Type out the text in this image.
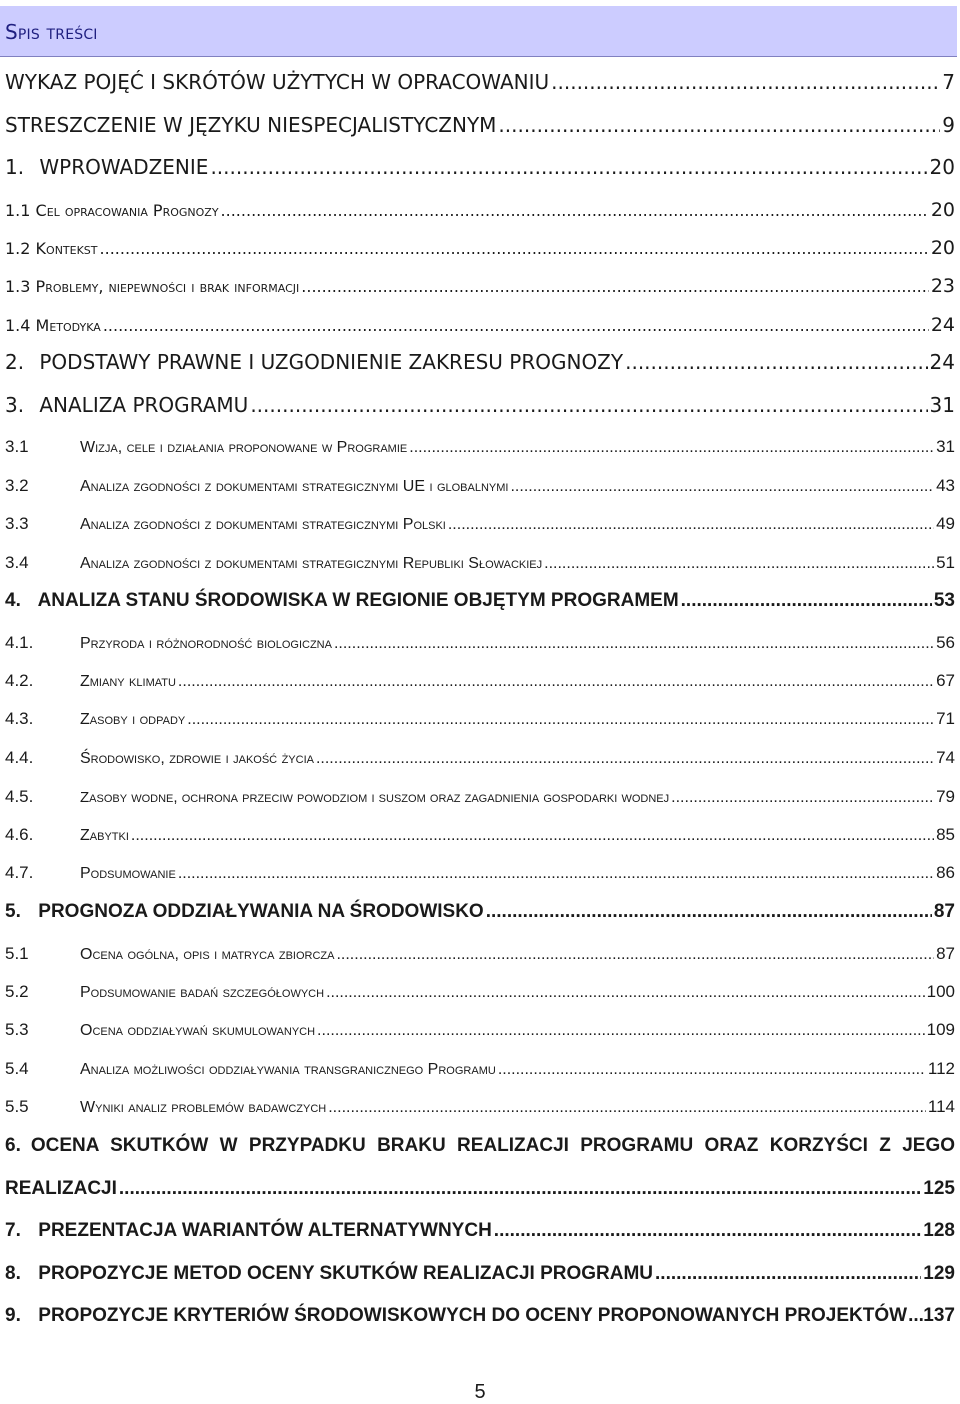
Spis treści
WYKAZ POJĘĆ I SKRÓTÓW UŻYTYCH W OPRACOWANIU .....	7
STRESZCZENIE W JĘZYKU NIESPECJALISTYCZNYM .....	9
1. WPROWADZENIE .....	20
1.1 Cel opracowania Prognozy .....	20
1.2 Kontekst .....	20
1.3 Problemy, niepewności i brak informacji .....	23
1.4 Metodyka .....	24
2. PODSTAWY PRAWNE I UZGODNIENIE ZAKRESU PROGNOZY .....	24
3. ANALIZA PROGRAMU .....	31
3.1	Wizja, cele i działania proponowane w Programie .....	31
3.2	Analiza zgodności z dokumentami strategicznymi UE i globalnymi .....	43
3.3	Analiza zgodności z dokumentami strategicznymi Polski .....	49
3.4	Analiza zgodności z dokumentami strategicznymi Republiki Słowackiej .....	51
4. ANALIZA STANU ŚRODOWISKA W REGIONIE OBJĘTYM PROGRAMEM .....	53
4.1.	Przyroda i różnorodność biologiczna .....	56
4.2.	Zmiany klimatu .....	67
4.3.	Zasoby i odpady .....	71
4.4.	Środowisko, zdrowie i jakość życia .....	74
4.5.	Zasoby wodne, ochrona przeciw powodziom i suszom oraz zagadnienia gospodarki wodnej .....	79
4.6.	Zabytki .....	85
4.7.	Podsumowanie .....	86
5. PROGNOZA ODDZIAŁYWANIA NA ŚRODOWISKO .....	87
5.1	Ocena ogólna, opis i matryca zbiorcza .....	87
5.2	Podsumowanie badań szczegółowych .....	100
5.3	Ocena oddziaływań skumulowanych .....	109
5.4	Analiza możliwości oddziaływania transgranicznego Programu .....	112
5.5	Wyniki analiz problemów badawczych .....	114
6. OCENA SKUTKÓW W PRZYPADKU BRAKU REALIZACJI PROGRAMU ORAZ KORZYŚCI Z JEGO
REALIZACJI .....	125
7. PREZENTACJA WARIANTÓW ALTERNATYWNYCH .....	128
8. PROPOZYCJE METOD OCENY SKUTKÓW REALIZACJI PROGRAMU .....	129
9. PROPOZYCJE KRYTERIÓW ŚRODOWISKOWYCH DO OCENY PROPONOWANYCH PROJEKTÓW ..... 137
5
